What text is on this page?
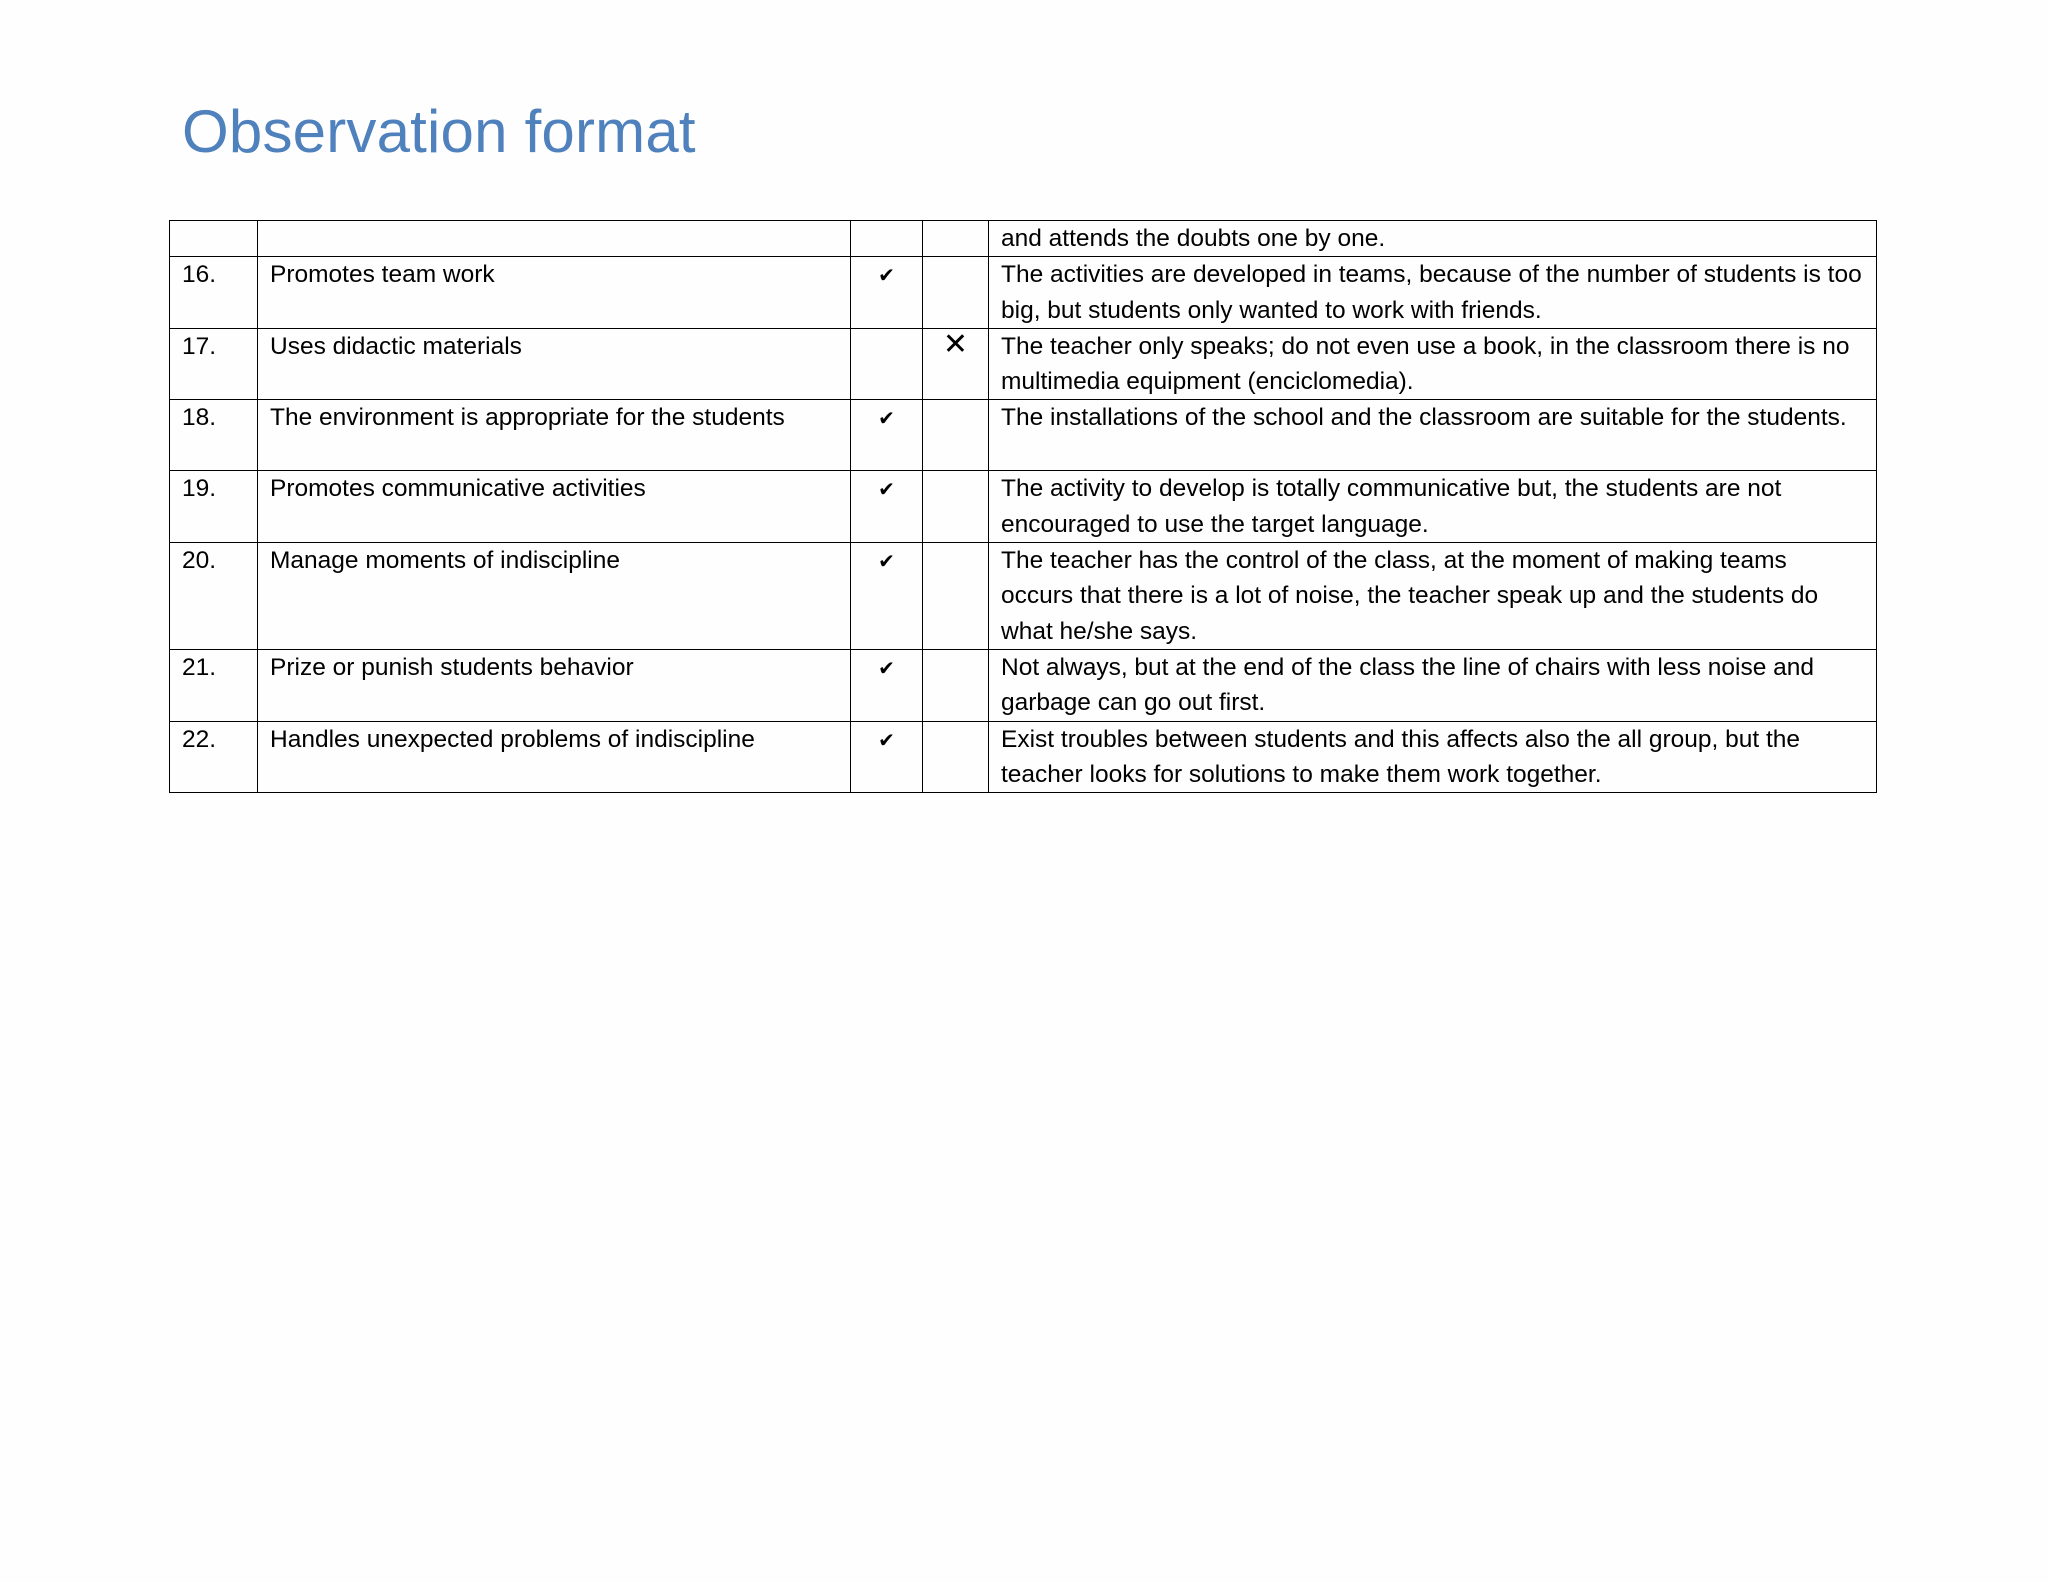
Observation format
				and attends the doubts one by one.
16.	Promotes team work	✔		The activities are developed in teams, because of the number of students is too big, but students only wanted to work with friends.
17.	Uses didactic materials		✕	The teacher only speaks; do not even use a book, in the classroom there is no multimedia equipment (enciclomedia).
18.	The environment is appropriate for the students	✔		The installations of the school and the classroom are suitable for the students.
19.	Promotes communicative activities	✔		The activity to develop is totally communicative but, the students are not encouraged to use the target language.
20.	Manage moments of indiscipline	✔		The teacher has the control of the class, at the moment of making teams occurs that there is a lot of noise, the teacher speak up and the students do what he/she says.
21.	Prize or punish students behavior	✔		Not always, but at the end of the class the line of chairs with less noise and garbage can go out first.
22.	Handles unexpected problems of indiscipline	✔		Exist troubles between students and this affects also the all group, but the teacher looks for solutions to make them work together.
